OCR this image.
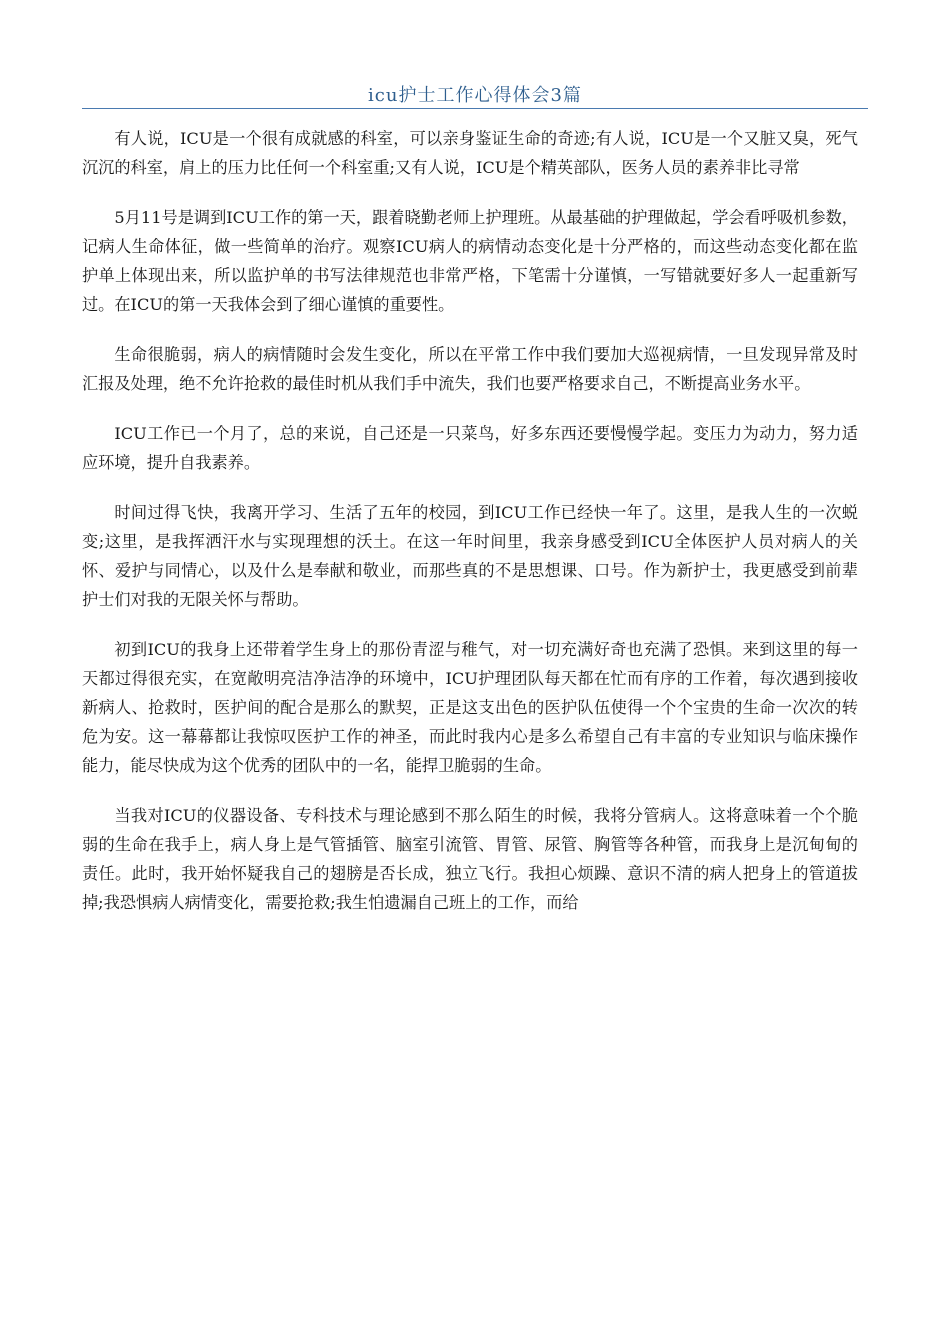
icu护士工作心得体会3篇

有人说，ICU是一个很有成就感的科室，可以亲身鉴证生命的奇迹;有人说，ICU是一个又脏又臭，死气沉沉的科室，肩上的压力比任何一个科室重;又有人说，ICU是个精英部队，医务人员的素养非比寻常

5月11号是调到ICU工作的第一天，跟着晓勤老师上护理班。从最基础的护理做起，学会看呼吸机参数，记病人生命体征，做一些简单的治疗。观察ICU病人的病情动态变化是十分严格的，而这些动态变化都在监护单上体现出来，所以监护单的书写法律规范也非常严格，下笔需十分谨慎，一写错就要好多人一起重新写过。在ICU的第一天我体会到了细心谨慎的重要性。

生命很脆弱，病人的病情随时会发生变化，所以在平常工作中我们要加大巡视病情，一旦发现异常及时汇报及处理，绝不允许抢救的最佳时机从我们手中流失，我们也要严格要求自己，不断提高业务水平。

ICU工作已一个月了，总的来说，自己还是一只菜鸟，好多东西还要慢慢学起。变压力为动力，努力适应环境，提升自我素养。

时间过得飞快，我离开学习、生活了五年的校园，到ICU工作已经快一年了。这里，是我人生的一次蜕变;这里，是我挥洒汗水与实现理想的沃土。在这一年时间里，我亲身感受到ICU全体医护人员对病人的关怀、爱护与同情心，以及什么是奉献和敬业，而那些真的不是思想课、口号。作为新护士，我更感受到前辈护士们对我的无限关怀与帮助。

初到ICU的我身上还带着学生身上的那份青涩与稚气，对一切充满好奇也充满了恐惧。来到这里的每一天都过得很充实，在宽敞明亮洁净洁净的环境中，ICU护理团队每天都在忙而有序的工作着，每次遇到接收新病人、抢救时，医护间的配合是那么的默契，正是这支出色的医护队伍使得一个个宝贵的生命一次次的转危为安。这一幕幕都让我惊叹医护工作的神圣，而此时我内心是多么希望自己有丰富的专业知识与临床操作能力，能尽快成为这个优秀的团队中的一名，能捍卫脆弱的生命。

当我对ICU的仪器设备、专科技术与理论感到不那么陌生的时候，我将分管病人。这将意味着一个个脆弱的生命在我手上，病人身上是气管插管、脑室引流管、胃管、尿管、胸管等各种管，而我身上是沉甸甸的责任。此时，我开始怀疑我自己的翅膀是否长成，独立飞行。我担心烦躁、意识不清的病人把身上的管道拔掉;我恐惧病人病情变化，需要抢救;我生怕遗漏自己班上的工作，而给
